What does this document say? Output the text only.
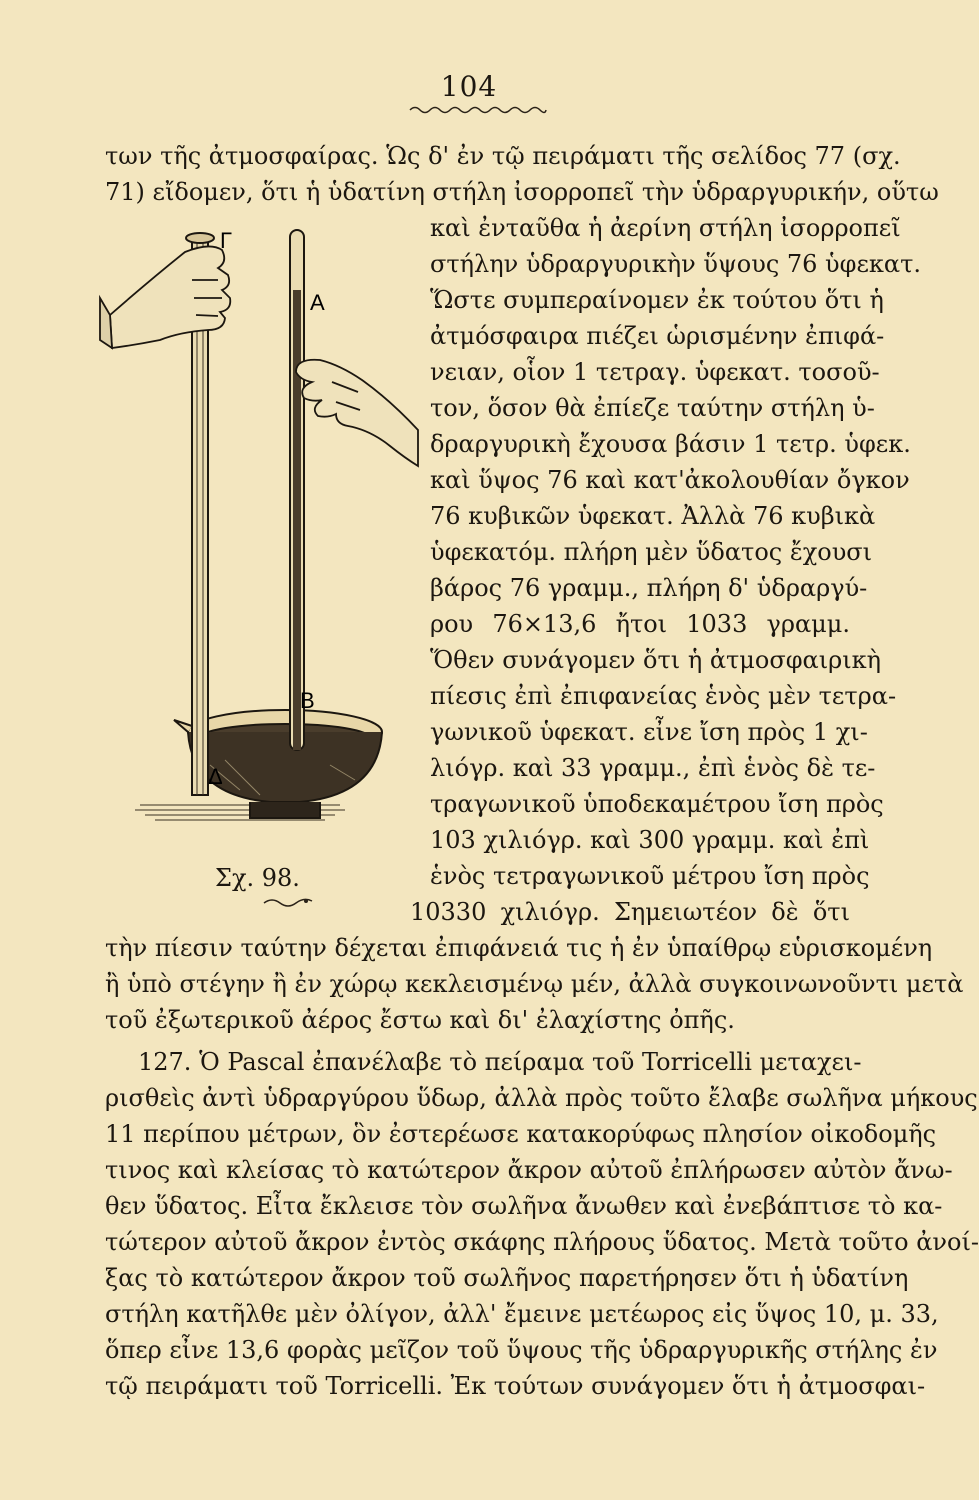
104
Γ
Α
Β
Δ
Σχ. 98.
των τῆς ἀτμοσφαίρας. Ὡς δ' ἐν τῷ πειράματι τῆς σελίδος 77 (σχ.
71) εἴδομεν, ὅτι ἡ ὑδατίνη στήλη ἰσορροπεῖ τὴν ὑδραργυρικήν, οὕτω
καὶ ἐνταῦθα ἡ ἀερίνη στήλη ἰσορροπεῖ
στήλην ὑδραργυρικὴν ὕψους 76 ὑφεκατ.
Ὥστε συμπεραίνομεν ἐκ τούτου ὅτι ἡ
ἀτμόσφαιρα πιέζει ὡρισμένην ἐπιφά-
νειαν, οἷον 1 τετραγ. ὑφεκατ. τοσοῦ-
τον, ὅσον θὰ ἐπίεζε ταύτην στήλη ὑ-
δραργυρικὴ ἔχουσα βάσιν 1 τετρ. ὑφεκ.
καὶ ὕψος 76 καὶ κατ'ἀκολουθίαν ὄγκον
76 κυβικῶν ὑφεκατ. Ἀλλὰ 76 κυβικὰ
ὑφεκατόμ. πλήρη μὲν ὕδατος ἔχουσι
βάρος 76 γραμμ., πλήρη δ' ὑδραργύ-
ρου 76×13,6 ἤτοι 1033 γραμμ.
Ὅθεν συνάγομεν ὅτι ἡ ἀτμοσφαιρικὴ
πίεσις ἐπὶ ἐπιφανείας ἑνὸς μὲν τετρα-
γωνικοῦ ὑφεκατ. εἶνε ἴση πρὸς 1 χι-
λιόγρ. καὶ 33 γραμμ., ἐπὶ ἑνὸς δὲ τε-
τραγωνικοῦ ὑποδεκαμέτρου ἴση πρὸς
103 χιλιόγρ. καὶ 300 γραμμ. καὶ ἐπὶ
ἑνὸς τετραγωνικοῦ μέτρου ἴση πρὸς
10330 χιλιόγρ. Σημειωτέον δὲ ὅτι
τὴν πίεσιν ταύτην δέχεται ἐπιφάνειά τις ἡ ἐν ὑπαίθρῳ εὑρισκομένη
ἢ ὑπὸ στέγην ἢ ἐν χώρῳ κεκλεισμένῳ μέν, ἀλλὰ συγκοινωνοῦντι μετὰ
τοῦ ἐξωτερικοῦ ἀέρος ἔστω καὶ δι' ἐλαχίστης ὀπῆς.
127. Ὁ Pascal ἐπανέλαβε τὸ πείραμα τοῦ Torricelli μεταχει-
ρισθεὶς ἀντὶ ὑδραργύρου ὕδωρ, ἀλλὰ πρὸς τοῦτο ἔλαβε σωλῆνα μήκους
11 περίπου μέτρων, ὃν ἐστερέωσε κατακορύφως πλησίον οἰκοδομῆς
τινος καὶ κλείσας τὸ κατώτερον ἄκρον αὐτοῦ ἐπλήρωσεν αὐτὸν ἄνω-
θεν ὕδατος. Εἶτα ἔκλεισε τὸν σωλῆνα ἄνωθεν καὶ ἐνεβάπτισε τὸ κα-
τώτερον αὐτοῦ ἄκρον ἐντὸς σκάφης πλήρους ὕδατος. Μετὰ τοῦτο ἀνοί-
ξας τὸ κατώτερον ἄκρον τοῦ σωλῆνος παρετήρησεν ὅτι ἡ ὑδατίνη
στήλη κατῆλθε μὲν ὀλίγον, ἀλλ' ἔμεινε μετέωρος εἰς ὕψος 10, μ. 33,
ὅπερ εἶνε 13,6 φορὰς μεῖζον τοῦ ὕψους τῆς ὑδραργυρικῆς στήλης ἐν
τῷ πειράματι τοῦ Torricelli. Ἐκ τούτων συνάγομεν ὅτι ἡ ἀτμοσφαι-
